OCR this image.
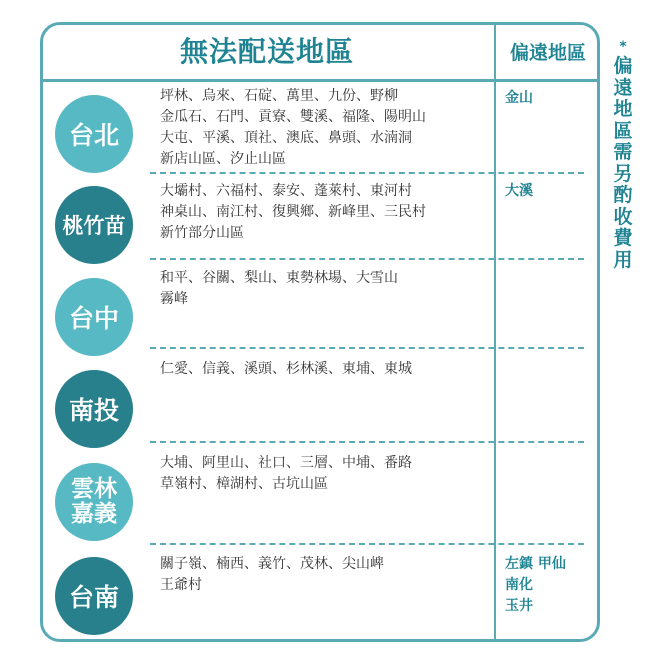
無法配送地區	偏遠地區	*
偏遠地區需另酌收費用
台北
坪林、烏來、石碇、萬里、九份、野柳
金瓜石、石門、貢寮、雙溪、福隆、陽明山
大屯、平溪、頂社、澳底、鼻頭、水湳洞
新店山區、汐止山區
金山
桃竹苗
大壩村、六福村、泰安、蓬萊村、東河村
神桌山、南江村、復興鄉、新峰里、三民村
新竹部分山區
大溪
台中
和平、谷關、梨山、東勢林場、大雪山
霧峰
南投
仁愛、信義、溪頭、杉林溪、東埔、東城
雲林
嘉義
大埔、阿里山、社口、三層、中埔、番路
草嶺村、樟湖村、古坑山區
台南
關子嶺、楠西、義竹、茂林、尖山崥
王爺村
左鎮 甲仙
南化
玉井
